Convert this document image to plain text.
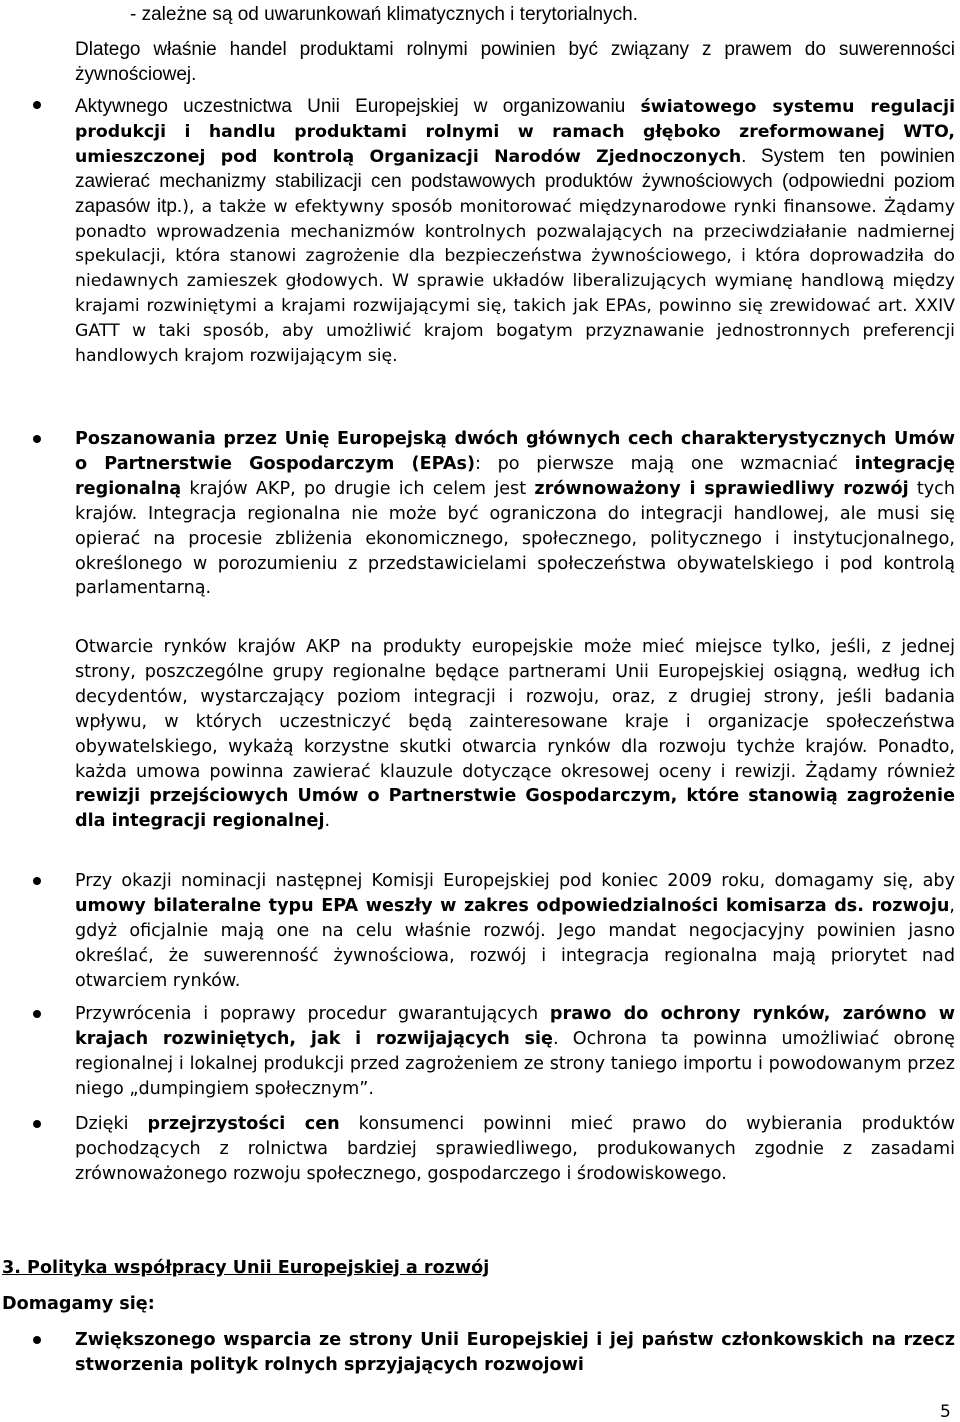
- zależne są od uwarunkowań klimatycznych i terytorialnych.
Dlatego właśnie handel produktami rolnymi powinien być związany z prawem do suwerenności żywnościowej.
Aktywnego uczestnictwa Unii Europejskiej w organizowaniu światowego systemu regulacji produkcji i handlu produktami rolnymi w ramach głęboko zreformowanej WTO, umieszczonej pod kontrolą Organizacji Narodów Zjednoczonych. System ten powinien zawierać mechanizmy stabilizacji cen podstawowych produktów żywnościowych (odpowiedni poziom zapasów itp.), a także w efektywny sposób monitorować międzynarodowe rynki finansowe. Żądamy ponadto wprowadzenia mechanizmów kontrolnych pozwalających na przeciwdziałanie nadmiernej spekulacji, która stanowi zagrożenie dla bezpieczeństwa żywnościowego, i która doprowadziła do niedawnych zamieszek głodowych. W sprawie układów liberalizujących wymianę handlową między krajami rozwiniętymi a krajami rozwijającymi się, takich jak EPAs, powinno się zrewidować art. XXIV GATT w taki sposób, aby umożliwić krajom bogatym przyznawanie jednostronnych preferencji handlowych krajom rozwijającym się.
Poszanowania przez Unię Europejską dwóch głównych cech charakterystycznych Umów o Partnerstwie Gospodarczym (EPAs): po pierwsze mają one wzmacniać integrację regionalną krajów AKP, po drugie ich celem jest zrównoważony i sprawiedliwy rozwój tych krajów. Integracja regionalna nie może być ograniczona do integracji handlowej, ale musi się opierać na procesie zbliżenia ekonomicznego, społecznego, politycznego i instytucjonalnego, określonego w porozumieniu z przedstawicielami społeczeństwa obywatelskiego i pod kontrolą parlamentarną.
Otwarcie rynków krajów AKP na produkty europejskie może mieć miejsce tylko, jeśli, z jednej strony, poszczególne grupy regionalne będące partnerami Unii Europejskiej osiągną, według ich decydentów, wystarczający poziom integracji i rozwoju, oraz, z drugiej strony, jeśli badania wpływu, w których uczestniczyć będą zainteresowane kraje i organizacje społeczeństwa obywatelskiego, wykażą korzystne skutki otwarcia rynków dla rozwoju tychże krajów. Ponadto, każda umowa powinna zawierać klauzule dotyczące okresowej oceny i rewizji. Żądamy również rewizji przejściowych Umów o Partnerstwie Gospodarczym, które stanowią zagrożenie dla integracji regionalnej.
Przy okazji nominacji następnej Komisji Europejskiej pod koniec 2009 roku, domagamy się, aby umowy bilateralne typu EPA weszły w zakres odpowiedzialności komisarza ds. rozwoju, gdyż oficjalnie mają one na celu właśnie rozwój. Jego mandat negocjacyjny powinien jasno określać, że suwerenność żywnościowa, rozwój i integracja regionalna mają priorytet nad otwarciem rynków.
Przywrócenia i poprawy procedur gwarantujących prawo do ochrony rynków, zarówno w krajach rozwiniętych, jak i rozwijających się. Ochrona ta powinna umożliwiać obronę regionalnej i lokalnej produkcji przed zagrożeniem ze strony taniego importu i powodowanym przez niego „dumpingiem społecznym”.
Dzięki przejrzystości cen konsumenci powinni mieć prawo do wybierania produktów pochodzących z rolnictwa bardziej sprawiedliwego, produkowanych zgodnie z zasadami zrównoważonego rozwoju społecznego, gospodarczego i środowiskowego.
3. Polityka współpracy Unii Europejskiej a rozwój
Domagamy się:
Zwiększonego wsparcia ze strony Unii Europejskiej i jej państw członkowskich na rzecz stworzenia polityk rolnych sprzyjających rozwojowi
5
